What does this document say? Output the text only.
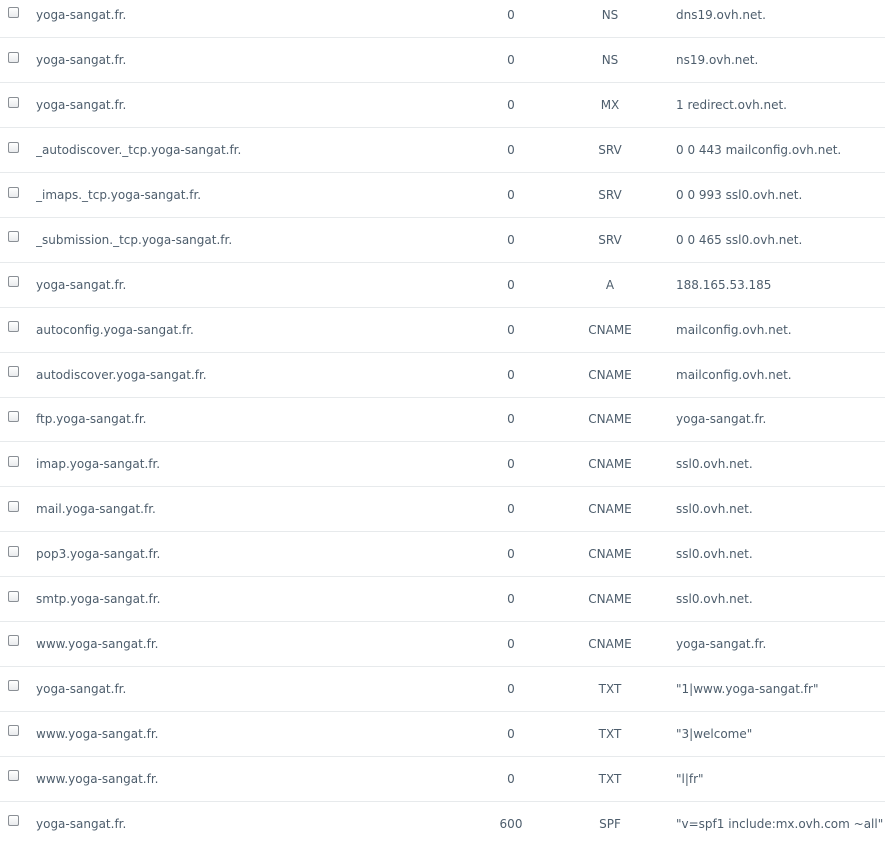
	yoga-sangat.fr.	0	NS	dns19.ovh.net.

	yoga-sangat.fr.	0	NS	ns19.ovh.net.

	yoga-sangat.fr.	0	MX	1 redirect.ovh.net.

	_autodiscover._tcp.yoga-sangat.fr.	0	SRV	0 0 443 mailconfig.ovh.net.

	_imaps._tcp.yoga-sangat.fr.	0	SRV	0 0 993 ssl0.ovh.net.

	_submission._tcp.yoga-sangat.fr.	0	SRV	0 0 465 ssl0.ovh.net.

	yoga-sangat.fr.	0	A	188.165.53.185

	autoconfig.yoga-sangat.fr.	0	CNAME	mailconfig.ovh.net.

	autodiscover.yoga-sangat.fr.	0	CNAME	mailconfig.ovh.net.

	ftp.yoga-sangat.fr.	0	CNAME	yoga-sangat.fr.

	imap.yoga-sangat.fr.	0	CNAME	ssl0.ovh.net.

	mail.yoga-sangat.fr.	0	CNAME	ssl0.ovh.net.

	pop3.yoga-sangat.fr.	0	CNAME	ssl0.ovh.net.

	smtp.yoga-sangat.fr.	0	CNAME	ssl0.ovh.net.

	www.yoga-sangat.fr.	0	CNAME	yoga-sangat.fr.

	yoga-sangat.fr.	0	TXT	"1|www.yoga-sangat.fr"

	www.yoga-sangat.fr.	0	TXT	"3|welcome"

	www.yoga-sangat.fr.	0	TXT	"l|fr"

	yoga-sangat.fr.	600	SPF	"v=spf1 include:mx.ovh.com ~all"
